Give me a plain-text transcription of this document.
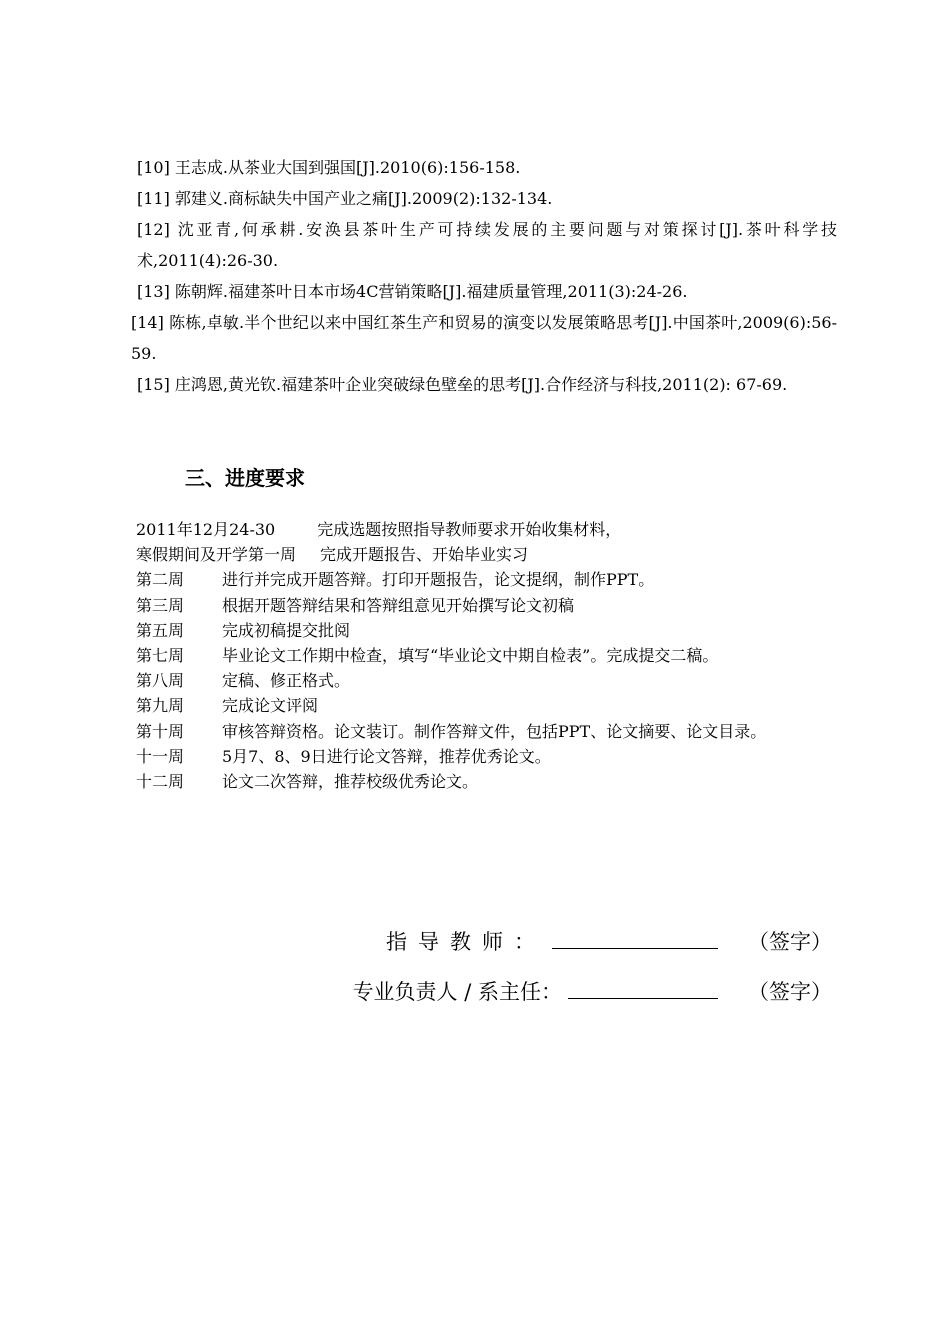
[10] 王志成.从茶业大国到强国[J].2010(6):156-158.

[11] 郭建义.商标缺失中国产业之痛[J].2009(2):132-134.

[12] 沈亚青,何承耕.安涣县茶叶生产可持续发展的主要问题与对策探讨[J].茶叶科学技术,2011(4):26-30.

[13] 陈朝辉.福建茶叶日本市场4C营销策略[J].福建质量管理,2011(3):24-26.

[14] 陈栋,卓敏.半个世纪以来中国红茶生产和贸易的演变以发展策略思考[J].中国茶叶,2009(6):56-59.

[15] 庄鸿恩,黄光钦.福建茶叶企业突破绿色壁垒的思考[J].合作经济与科技,2011(2): 67-69.

三、进度要求

2011年12月24-30	完成选题按照指导教师要求开始收集材料，

寒假期间及开学第一周 完成开题报告、开始毕业实习

第二周 进行并完成开题答辩。打印开题报告，论文提纲，制作PPT。

第三周 根据开题答辩结果和答辩组意见开始撰写论文初稿

第五周 完成初稿提交批阅

第七周 毕业论文工作期中检查，填写“毕业论文中期自检表”。完成提交二稿。

第八周 定稿、修正格式。

第九周 完成论文评阅

第十周 审核答辩资格。论文装订。制作答辩文件，包括PPT、论文摘要、论文目录。

十一周 5月7、8、9日进行论文答辩，推荐优秀论文。

十二周 论文二次答辩，推荐校级优秀论文。

指导教师：	（签字）
专业负责人 / 系主任：	（签字）
